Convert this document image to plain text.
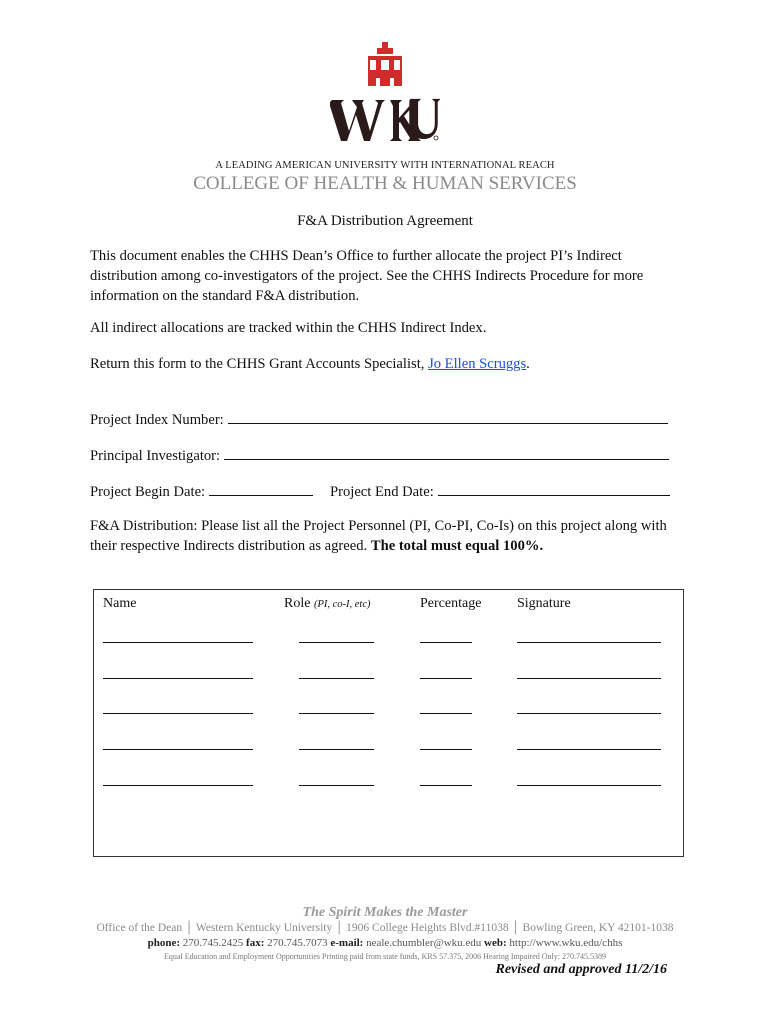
A LEADING AMERICAN UNIVERSITY WITH INTERNATIONAL REACH
COLLEGE OF HEALTH & HUMAN SERVICES
F&A Distribution Agreement
This document enables the CHHS Dean’s Office to further allocate the project PI’s Indirect distribution among co-investigators of the project. See the CHHS Indirects Procedure for more information on the standard F&A distribution.
All indirect allocations are tracked within the CHHS Indirect Index.
Return this form to the CHHS Grant Accounts Specialist, Jo Ellen Scruggs.
Project Index Number:
Principal Investigator:
Project Begin Date:	Project End Date:
F&A Distribution: Please list all the Project Personnel (PI, Co-PI, Co-Is) on this project along with their respective Indirects distribution as agreed. The total must equal 100%.
Name	Role (PI, co-I, etc)	Percentage	Signature
The Spirit Makes the Master
Office of the Dean │ Western Kentucky University │ 1906 College Heights Blvd.#11038 │ Bowling Green, KY 42101-1038
phone: 270.745.2425 fax: 270.745.7073 e-mail: neale.chumbler@wku.edu web: http://www.wku.edu/chhs
Equal Education and Employment Opportunities Printing paid from state funds, KRS 57.375, 2006 Hearing Impaired Only: 270.745.5389
Revised and approved 11/2/16
